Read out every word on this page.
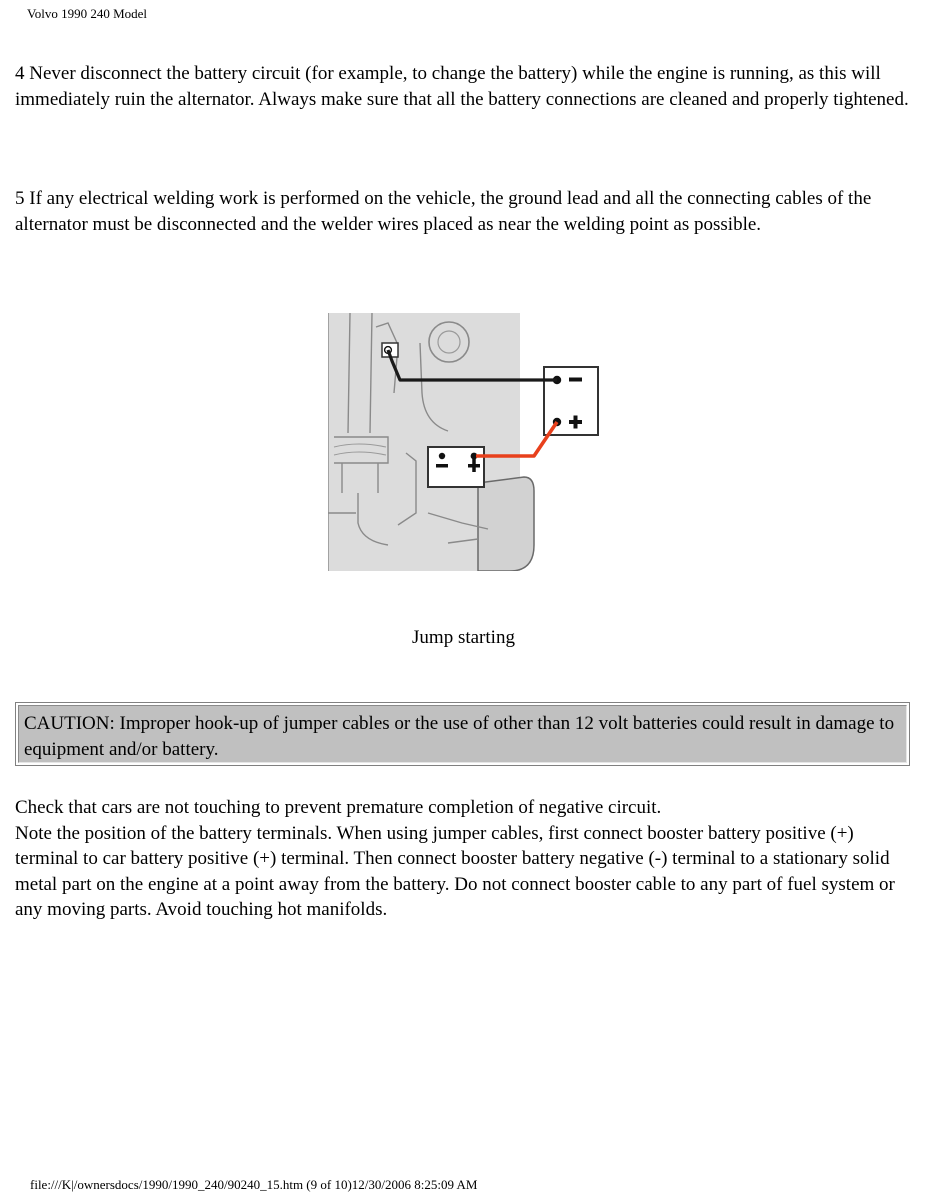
Volvo 1990 240 Model

4 Never disconnect the battery circuit (for example, to change the battery) while the engine is running, as this will immediately ruin the alternator. Always make sure that all the battery connections are cleaned and properly tightened.

5 If any electrical welding work is performed on the vehicle, the ground lead and all the connecting cables of the alternator must be disconnected and the welder wires placed as near the welding point as possible.

Jump starting
CAUTION: Improper hook-up of jumper cables or the use of other than 12 volt batteries could result in damage to equipment and/or battery.
Check that cars are not touching to prevent premature completion of negative circuit.
Note the position of the battery terminals. When using jumper cables, first connect booster battery positive (+) terminal to car battery positive (+) terminal. Then connect booster battery negative (-) terminal to a stationary solid metal part on the engine at a point away from the battery. Do not connect booster cable to any part of fuel system or any moving parts. Avoid touching hot manifolds.
file:///K|/ownersdocs/1990/1990_240/90240_15.htm (9 of 10)12/30/2006 8:25:09 AM
